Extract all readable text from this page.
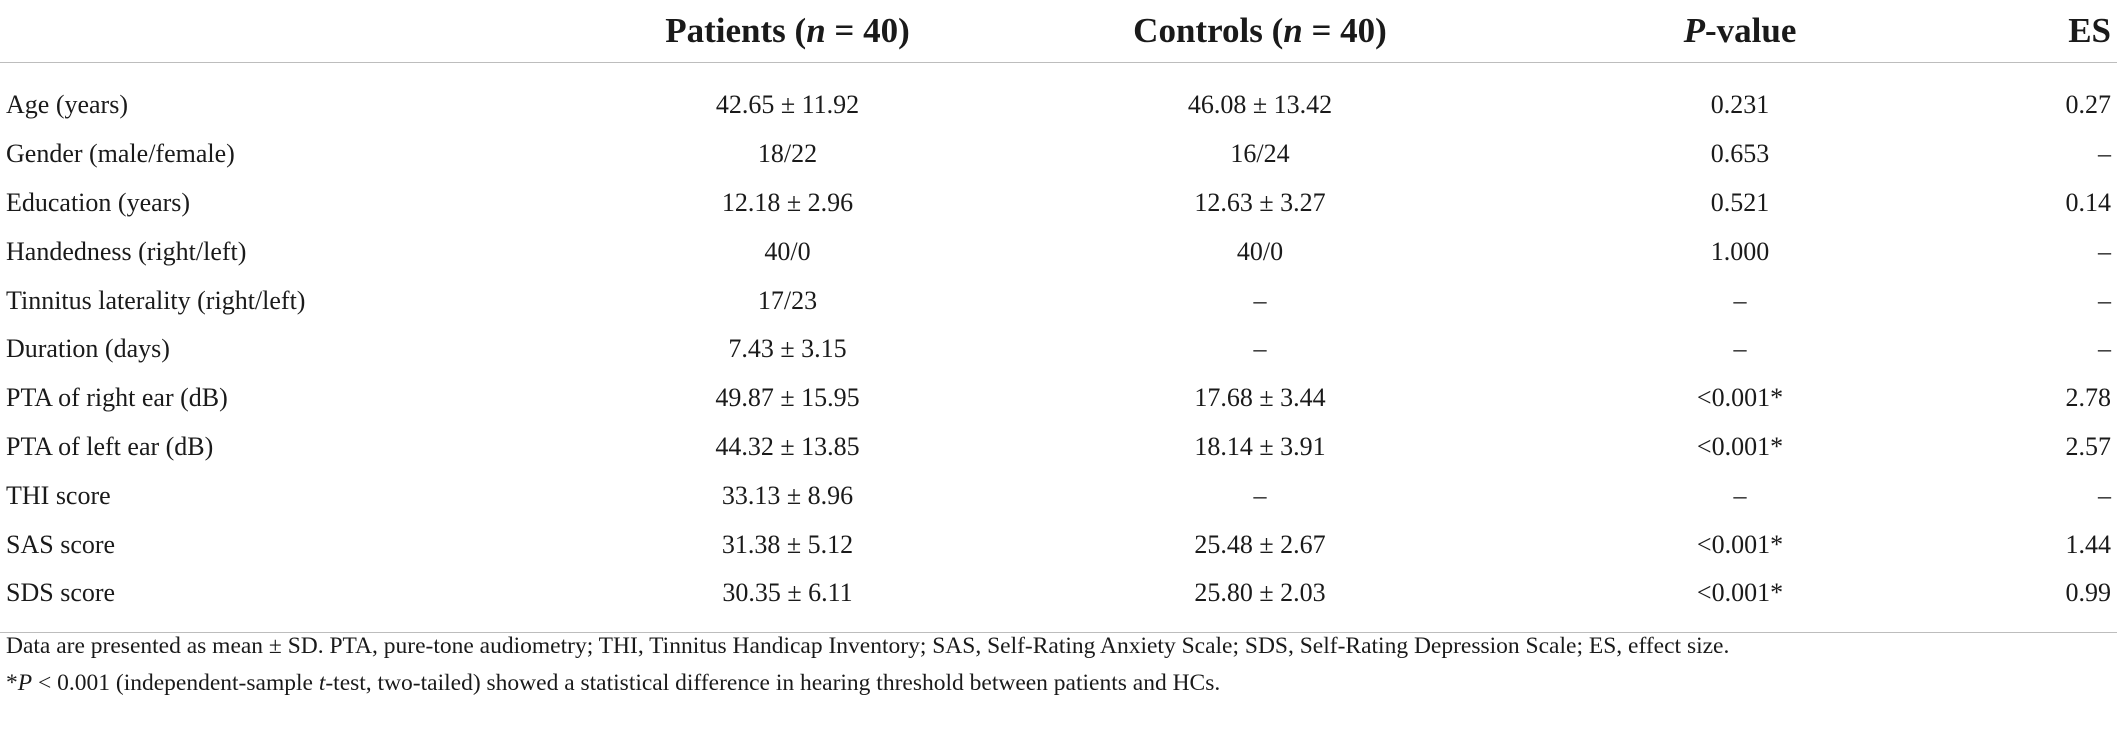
	Patients (n = 40)	Controls (n = 40)	P-value	ES

Age (years)	42.65 ± 11.92	46.08 ± 13.42	0.231	0.27
Gender (male/female)	18/22	16/24	0.653	–
Education (years)	12.18 ± 2.96	12.63 ± 3.27	0.521	0.14
Handedness (right/left)	40/0	40/0	1.000	–
Tinnitus laterality (right/left)	17/23	–	–	–
Duration (days)	7.43 ± 3.15	–	–	–
PTA of right ear (dB)	49.87 ± 15.95	17.68 ± 3.44	<0.001*	2.78
PTA of left ear (dB)	44.32 ± 13.85	18.14 ± 3.91	<0.001*	2.57
THI score	33.13 ± 8.96	–	–	–
SAS score	31.38 ± 5.12	25.48 ± 2.67	<0.001*	1.44
SDS score	30.35 ± 6.11	25.80 ± 2.03	<0.001*	0.99

Data are presented as mean ± SD. PTA, pure-tone audiometry; THI, Tinnitus Handicap Inventory; SAS, Self-Rating Anxiety Scale; SDS, Self-Rating Depression Scale; ES, effect size.

*P < 0.001 (independent-sample t-test, two-tailed) showed a statistical difference in hearing threshold between patients and HCs.
